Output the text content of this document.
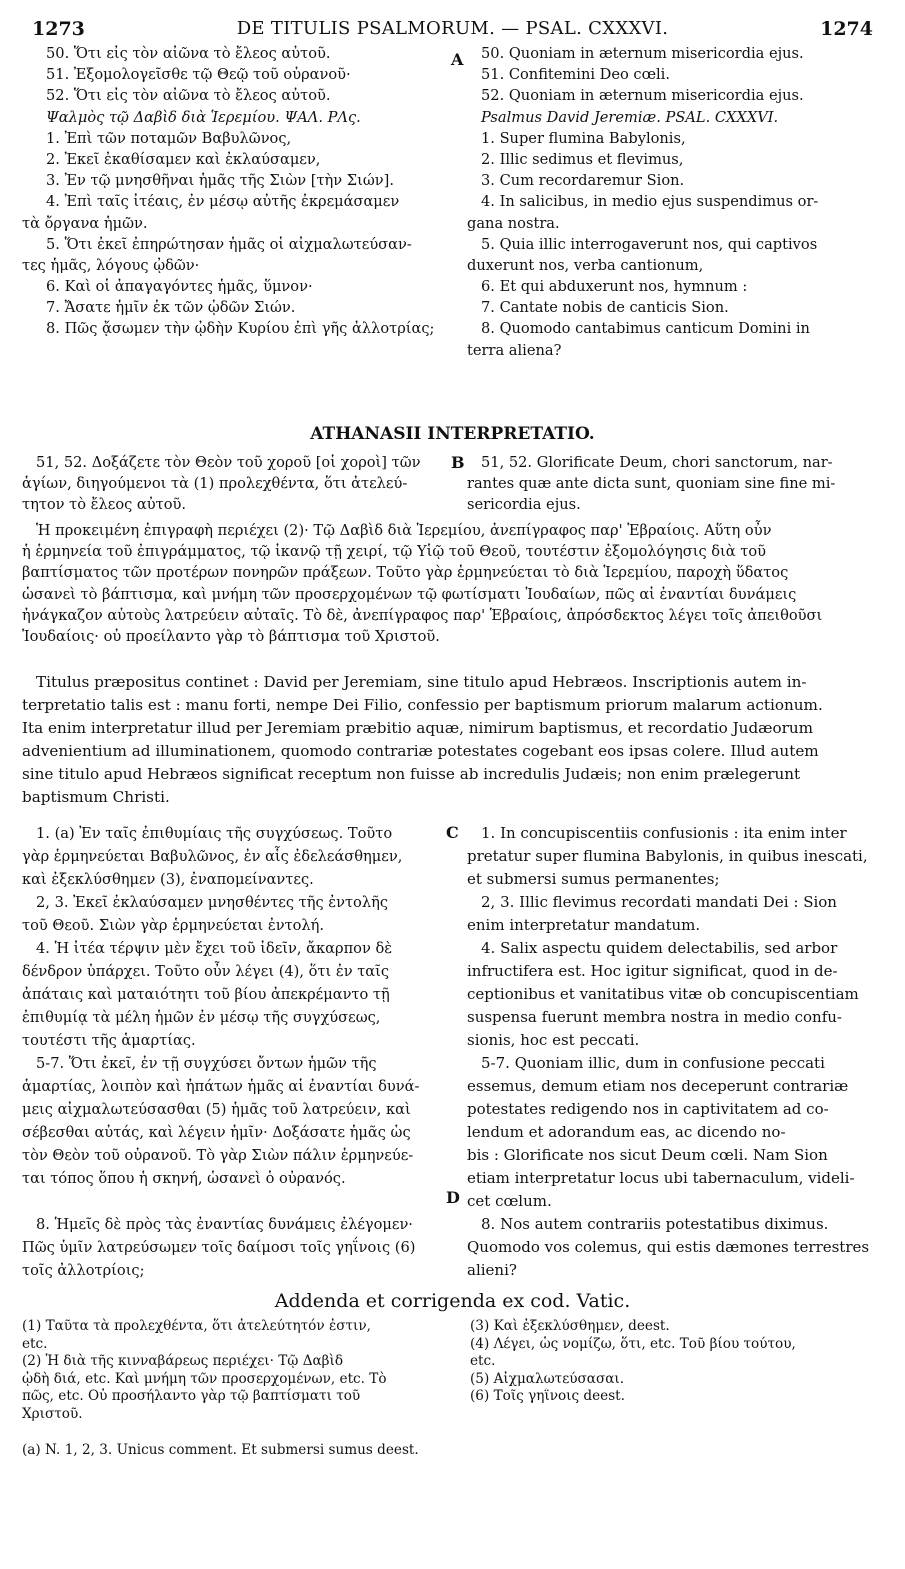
1273	DE TITULIS PSALMORUM. — PSAL. CXXXVI.	1274
A
B
C
D
50. Ὅτι εἰς τὸν αἰῶνα τὸ ἔλεος αὐτοῦ.
51. Ἐξομολογεῖσθε τῷ Θεῷ τοῦ οὐρανοῦ·
52. Ὅτι εἰς τὸν αἰῶνα τὸ ἔλεος αὐτοῦ.
Ψαλμὸς τῷ Δαβὶδ διὰ Ἱερεμίου. ΨΑΛ. ΡΛς.
1. Ἐπὶ τῶν ποταμῶν Βαβυλῶνος,
2. Ἐκεῖ ἐκαθίσαμεν καὶ ἐκλαύσαμεν,
3. Ἐν τῷ μνησθῆναι ἡμᾶς τῆς Σιὼν [τὴν Σιών].
4. Ἐπὶ ταῖς ἰτέαις, ἐν μέσῳ αὐτῆς ἐκρεμάσαμεν
τὰ ὄργανα ἡμῶν.
5. Ὅτι ἐκεῖ ἐπηρώτησαν ἡμᾶς οἱ αἰχμαλωτεύσαν-
τες ἡμᾶς, λόγους ᾠδῶν·
6. Καὶ οἱ ἀπαγαγόντες ἡμᾶς, ὕμνον·
7. Ἄσατε ἡμῖν ἐκ τῶν ᾠδῶν Σιών.
8. Πῶς ᾄσωμεν τὴν ᾠδὴν Κυρίου ἐπὶ γῆς ἀλλοτρίας;
50. Quoniam in æternum misericordia ejus.
51. Confitemini Deo cœli.
52. Quoniam in æternum misericordia ejus.
Psalmus David Jeremiæ. PSAL. CXXXVI.
1. Super flumina Babylonis,
2. Illic sedimus et flevimus,
3. Cum recordaremur Sion.
4. In salicibus, in medio ejus suspendimus or-
gana nostra.
5. Quia illic interrogaverunt nos, qui captivos
duxerunt nos, verba cantionum,
6. Et qui abduxerunt nos, hymnum :
7. Cantate nobis de canticis Sion.
8. Quomodo cantabimus canticum Domini in
terra aliena?
ATHANASII INTERPRETATIO.
51, 52. Δοξάζετε τὸν Θεὸν τοῦ χοροῦ [οἱ χοροὶ] τῶν
ἁγίων, διηγούμενοι τὰ (1) προλεχθέντα, ὅτι ἀτελεύ-
τητον τὸ ἔλεος αὐτοῦ.
51, 52. Glorificate Deum, chori sanctorum, nar-
rantes quæ ante dicta sunt, quoniam sine fine mi-
sericordia ejus.
Ἡ προκειμένη ἐπιγραφὴ περιέχει (2)· Τῷ Δαβὶδ διὰ Ἱερεμίου, ἀνεπίγραφος παρ' Ἑβραίοις. Αὕτη οὖν
ἡ ἑρμηνεία τοῦ ἐπιγράμματος, τῷ ἱκανῷ τῇ χειρί, τῷ Υἱῷ τοῦ Θεοῦ, τουτέστιν ἐξομολόγησις διὰ τοῦ
βαπτίσματος τῶν προτέρων πονηρῶν πράξεων. Τοῦτο γὰρ ἑρμηνεύεται τὸ διὰ Ἱερεμίου, παροχὴ ὕδατος
ὡσανεὶ τὸ βάπτισμα, καὶ μνήμη τῶν προσερχομένων τῷ φωτίσματι Ἰουδαίων, πῶς αἱ ἐναντίαι δυνάμεις
ἠνάγκαζον αὐτοὺς λατρεύειν αὐταῖς. Τὸ δὲ, ἀνεπίγραφος παρ' Ἑβραίοις, ἀπρόσδεκτος λέγει τοῖς ἀπειθοῦσι
Ἰουδαίοις· οὐ προείλαντο γὰρ τὸ βάπτισμα τοῦ Χριστοῦ.
Titulus præpositus continet : David per Jeremiam, sine titulo apud Hebræos. Inscriptionis autem in-
terpretatio talis est : manu forti, nempe Dei Filio, confessio per baptismum priorum malarum actionum.
Ita enim interpretatur illud per Jeremiam præbitio aquæ, nimirum baptismus, et recordatio Judæorum
advenientium ad illuminationem, quomodo contrariæ potestates cogebant eos ipsas colere. Illud autem
sine titulo apud Hebræos significat receptum non fuisse ab incredulis Judæis; non enim prælegerunt
baptismum Christi.
1. (a) Ἐν ταῖς ἐπιθυμίαις τῆς συγχύσεως. Τοῦτο
γὰρ ἑρμηνεύεται Βαβυλῶνος, ἐν αἷς ἐδελεάσθημεν,
καὶ ἐξεκλύσθημεν (3), ἐναπομείναντες.
2, 3. Ἐκεῖ ἐκλαύσαμεν μνησθέντες τῆς ἐντολῆς
τοῦ Θεοῦ. Σιὼν γὰρ ἑρμηνεύεται ἐντολή.
4. Ἡ ἰτέα τέρψιν μὲν ἔχει τοῦ ἰδεῖν, ἄκαρπον δὲ
δένδρον ὑπάρχει. Τοῦτο οὖν λέγει (4), ὅτι ἐν ταῖς
ἀπάταις καὶ ματαιότητι τοῦ βίου ἀπεκρέμαντο τῇ
ἐπιθυμίᾳ τὰ μέλη ἡμῶν ἐν μέσῳ τῆς συγχύσεως,
τουτέστι τῆς ἁμαρτίας.
5-7. Ὅτι ἐκεῖ, ἐν τῇ συγχύσει ὄντων ἡμῶν τῆς
ἁμαρτίας, λοιπὸν καὶ ἠπάτων ἡμᾶς αἱ ἐναντίαι δυνά-
μεις αἰχμαλωτεύσασθαι (5) ἡμᾶς τοῦ λατρεύειν, καὶ
σέβεσθαι αὐτάς, καὶ λέγειν ἡμῖν· Δοξάσατε ἡμᾶς ὡς
τὸν Θεὸν τοῦ οὐρανοῦ. Τὸ γὰρ Σιὼν πάλιν ἑρμηνεύε-
ται τόπος ὅπου ἡ σκηνή, ὡσανεὶ ὁ οὐρανός.
8. Ἡμεῖς δὲ πρὸς τὰς ἐναντίας δυνάμεις ἐλέγομεν·
Πῶς ὑμῖν λατρεύσωμεν τοῖς δαίμοσι τοῖς γηΐνοις (6)
τοῖς ἀλλοτρίοις;
1. In concupiscentiis confusionis : ita enim inter
pretatur super flumina Babylonis, in quibus inescati,
et submersi sumus permanentes;
2, 3. Illic flevimus recordati mandati Dei : Sion
enim interpretatur mandatum.
4. Salix aspectu quidem delectabilis, sed arbor
infructifera est. Hoc igitur significat, quod in de-
ceptionibus et vanitatibus vitæ ob concupiscentiam
suspensa fuerunt membra nostra in medio confu-
sionis, hoc est peccati.
5-7. Quoniam illic, dum in confusione peccati
essemus, demum etiam nos deceperunt contrariæ
potestates redigendo nos in captivitatem ad co-
lendum et adorandum eas, ac dicendo no-
bis : Glorificate nos sicut Deum cœli. Nam Sion
etiam interpretatur locus ubi tabernaculum, videli-
cet cœlum.
8. Nos autem contrariis potestatibus diximus.
Quomodo vos colemus, qui estis dæmones terrestres
alieni?
Addenda et corrigenda ex cod. Vatic.
(1) Ταῦτα τὰ προλεχθέντα, ὅτι ἀτελεύτητόν ἐστιν,
etc.
(2) Ἡ διὰ τῆς κινναβάρεως περιέχει· Τῷ Δαβὶδ
ᾠδὴ διά, etc. Καὶ μνήμη τῶν προσερχομένων, etc. Τὸ
πῶς, etc. Οὐ προσήλαντο γὰρ τῷ βαπτίσματι τοῦ
Χριστοῦ.
(3) Καὶ ἐξεκλύσθημεν, deest.
(4) Λέγει, ὡς νομίζω, ὅτι, etc. Τοῦ βίου τούτου,
etc.
(5) Αἰχμαλωτεύσασαι.
(6) Τοῖς γηΐνοις deest.
(a) N. 1, 2, 3. Unicus comment. Et submersi sumus deest.
